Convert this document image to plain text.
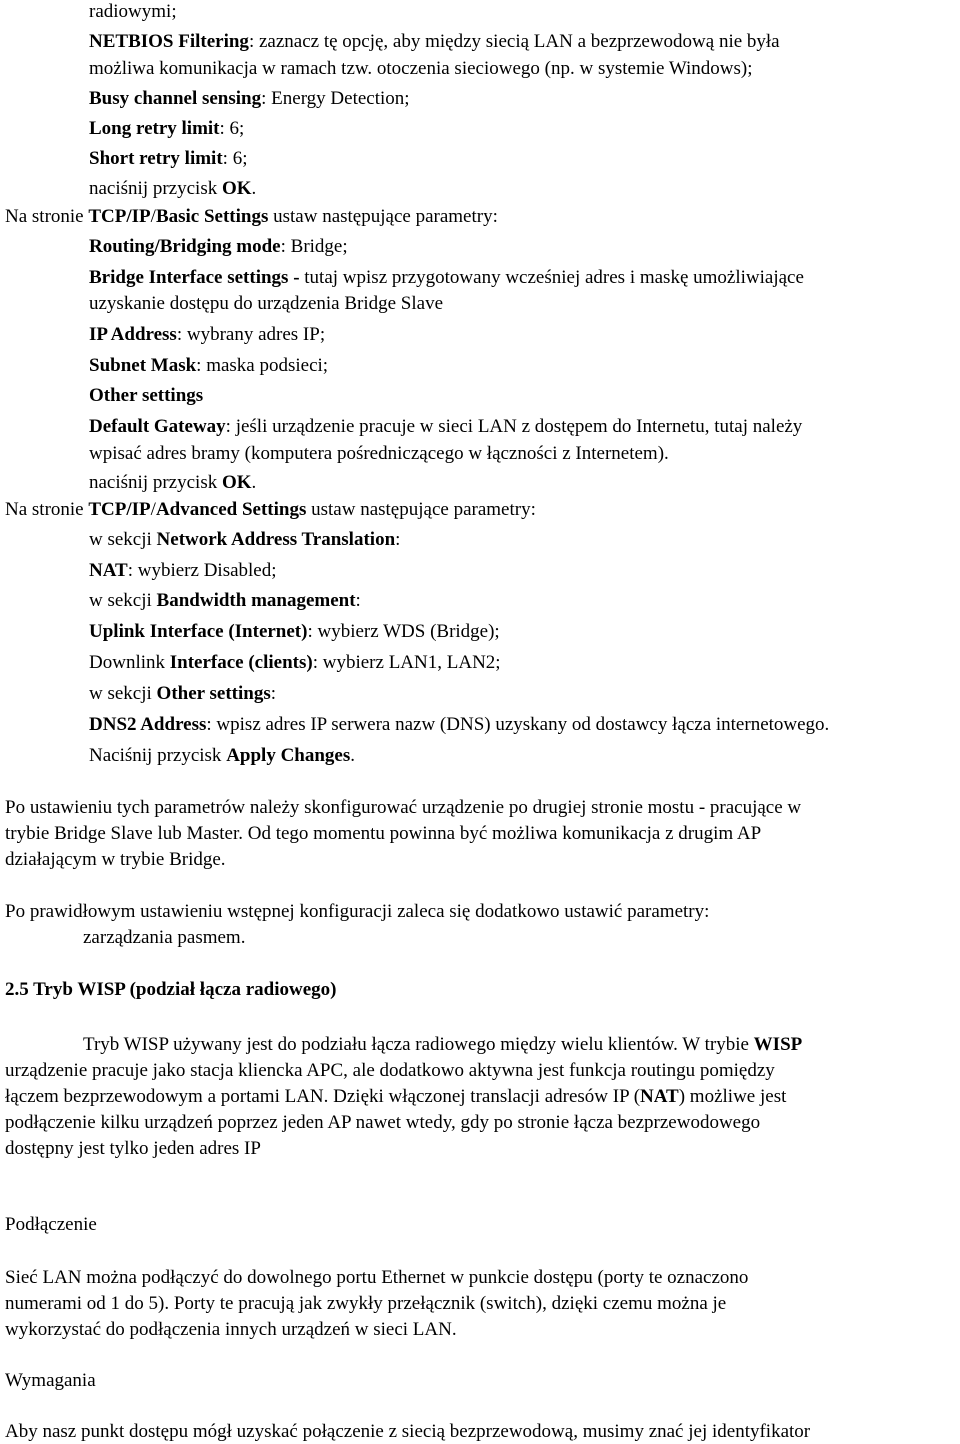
radiowymi;

NETBIOS Filtering: zaznacz tę opcję, aby między siecią LAN a bezprzewodową nie była

możliwa komunikacja w ramach tzw. otoczenia sieciowego (np. w systemie Windows);

Busy channel sensing: Energy Detection;

Long retry limit: 6;

Short retry limit: 6;

naciśnij przycisk OK.

Na stronie TCP/IP/Basic Settings ustaw następujące parametry:

Routing/Bridging mode: Bridge;

Bridge Interface settings - tutaj wpisz przygotowany wcześniej adres i maskę umożliwiające

uzyskanie dostępu do urządzenia Bridge Slave

IP Address: wybrany adres IP;

Subnet Mask: maska podsieci;

Other settings

Default Gateway: jeśli urządzenie pracuje w sieci LAN z dostępem do Internetu, tutaj należy

wpisać adres bramy (komputera pośredniczącego w łączności z Internetem).

naciśnij przycisk OK.

Na stronie TCP/IP/Advanced Settings ustaw następujące parametry:

w sekcji Network Address Translation:

NAT: wybierz Disabled;

w sekcji Bandwidth management:

Uplink Interface (Internet): wybierz WDS (Bridge);

Downlink Interface (clients): wybierz LAN1, LAN2;

w sekcji Other settings:

DNS2 Address: wpisz adres IP serwera nazw (DNS) uzyskany od dostawcy łącza internetowego.

Naciśnij przycisk Apply Changes.

Po ustawieniu tych parametrów należy skonfigurować urządzenie po drugiej stronie mostu - pracujące w

trybie Bridge Slave lub Master. Od tego momentu powinna być możliwa komunikacja z drugim AP

działającym w trybie Bridge.

Po prawidłowym ustawieniu wstępnej konfiguracji zaleca się dodatkowo ustawić parametry:

zarządzania pasmem.

2.5 Tryb WISP (podział łącza radiowego)

Tryb WISP używany jest do podziału łącza radiowego między wielu klientów. W trybie WISP

urządzenie pracuje jako stacja klienck​a APC, ale dodatkowo aktywna jest funkcja routingu pomiędzy

łączem bezprzewodowym a portami LAN. Dzięki włączonej translacji adresów IP (NAT) możliwe jest

podłączenie kilku urządzeń poprzez jeden AP nawet wtedy, gdy po stronie łącza bezprzewodowego

dostępny jest tylko jeden adres IP

Podłączenie

Sieć LAN można podłączyć do dowolnego portu Ethernet w punkcie dostępu (porty te oznaczono

numerami od 1 do 5). Porty te pracują jak zwykły przełącznik (switch), dzięki czemu można je

wykorzystać do podłączenia innych urządzeń w sieci LAN.

Wymagania

Aby nasz punkt dostępu mógł uzyskać połączenie z siecią bezprzewodową, musimy znać jej identyfikator
